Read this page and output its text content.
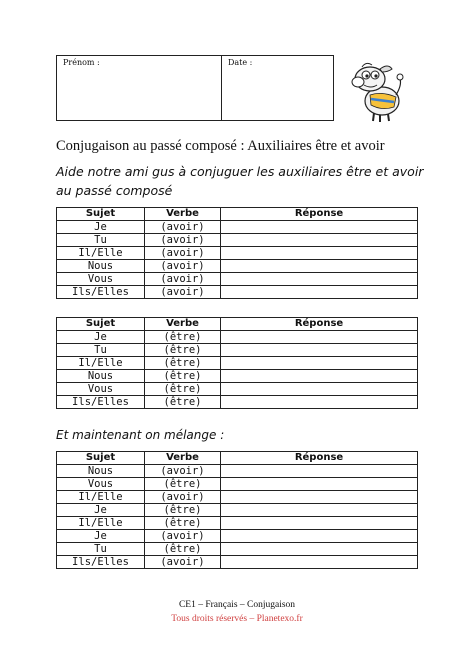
Prénom :	Date :
Conjugaison au passé composé : Auxiliaires être et avoir
Aide notre ami gus à conjuguer les auxiliaires être et avoir au passé composé
Sujet	Verbe	Réponse
Je	(avoir)	
Tu	(avoir)	
Il/Elle	(avoir)	
Nous	(avoir)	
Vous	(avoir)	
Ils/Elles	(avoir)	
Sujet	Verbe	Réponse
Je	(être)	
Tu	(être)	
Il/Elle	(être)	
Nous	(être)	
Vous	(être)	
Ils/Elles	(être)	
Et maintenant on mélange :
Sujet	Verbe	Réponse
Nous	(avoir)	
Vous	(être)	
Il/Elle	(avoir)	
Je	(être)	
Il/Elle	(être)	
Je	(avoir)	
Tu	(être)	
Ils/Elles	(avoir)	
CE1 – Français – Conjugaison
Tous droits réservés – Planetexo.fr
